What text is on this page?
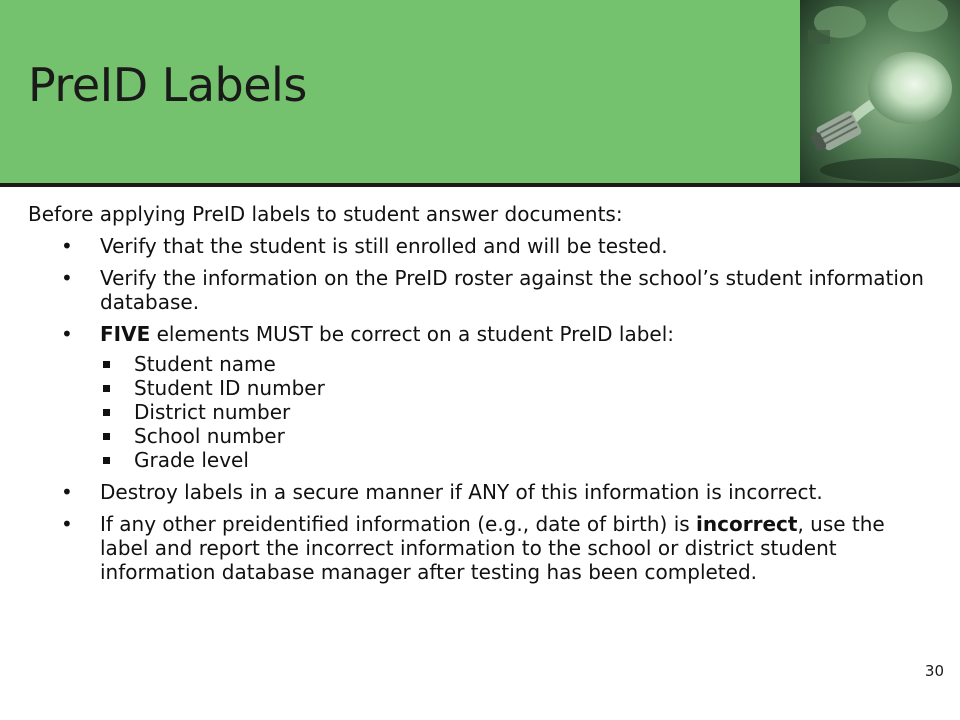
PreID Labels

Before applying PreID labels to student answer documents:

• Verify that the student is still enrolled and will be tested.
• Verify the information on the PreID roster against the school’s student information database.
• FIVE elements MUST be correct on a student PreID label:
Student name
Student ID number
District number
School number
Grade level
• Destroy labels in a secure manner if ANY of this information is incorrect.
• If any other preidentified information (e.g., date of birth) is incorrect, use the label and report the incorrect information to the school or district student information database manager after testing has been completed.
30
